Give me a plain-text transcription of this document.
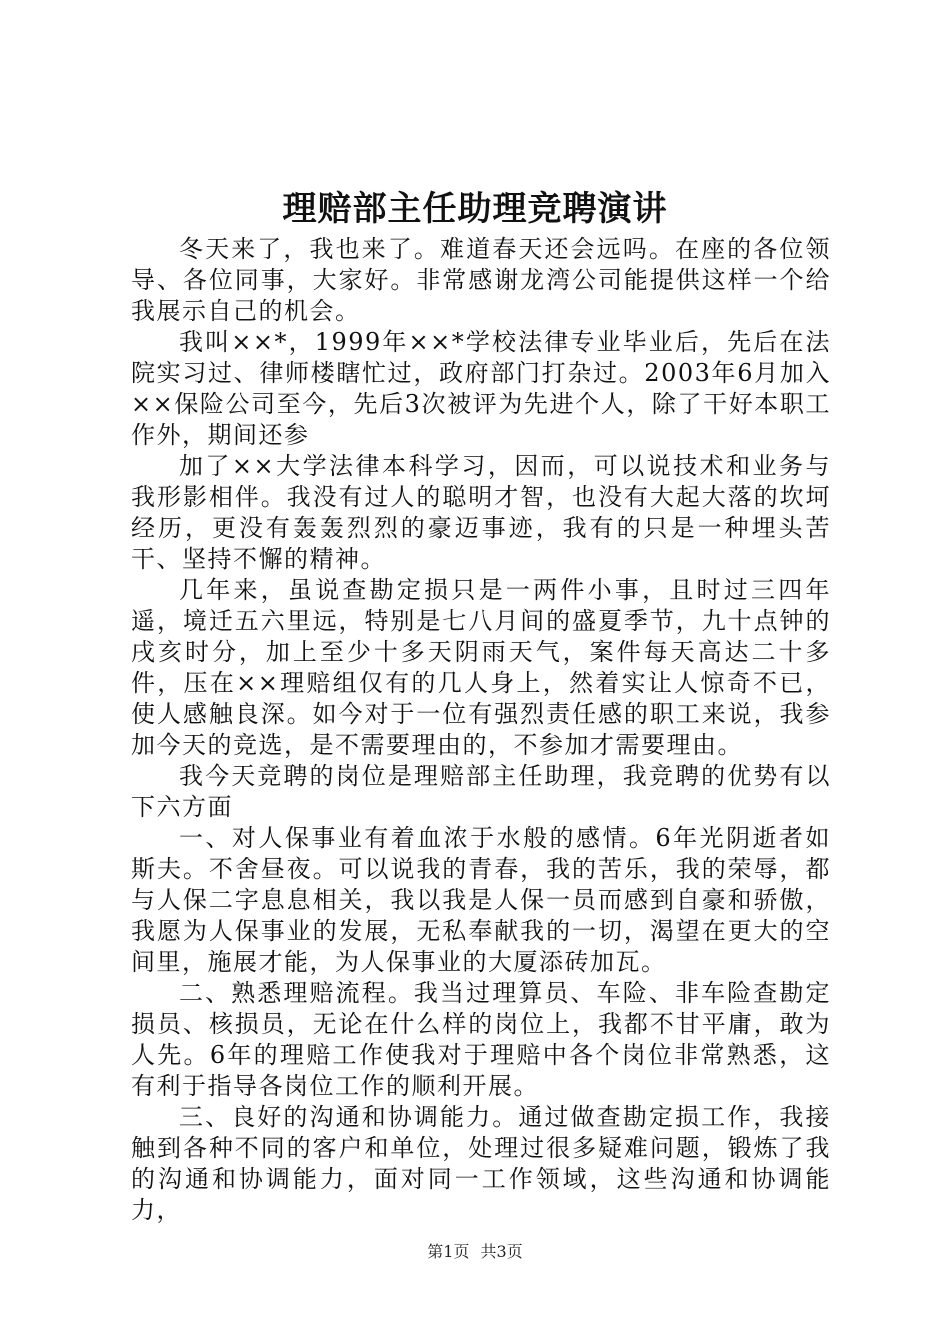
理赔部主任助理竞聘演讲

冬天来了，我也来了。难道春天还会远吗。在座的各位领导、各位同事，大家好。非常感谢龙湾公司能提供这样一个给我展示自己的机会。

我叫××*，1999年××*学校法律专业毕业后，先后在法院实习过、律师楼瞎忙过，政府部门打杂过。2003年6月加入××保险公司至今，先后3次被评为先进个人，除了干好本职工作外，期间还参

加了××大学法律本科学习，因而，可以说技术和业务与我形影相伴。我没有过人的聪明才智，也没有大起大落的坎坷经历，更没有轰轰烈烈的豪迈事迹，我有的只是一种埋头苦干、坚持不懈的精神。

几年来，虽说查勘定损只是一两件小事，且时过三四年遥，境迁五六里远，特别是七八月间的盛夏季节，九十点钟的戌亥时分，加上至少十多天阴雨天气，案件每天高达二十多件，压在××理赔组仅有的几人身上，然着实让人惊奇不已，使人感触良深。如今对于一位有强烈责任感的职工来说，我参加今天的竞选，是不需要理由的，不参加才需要理由。

我今天竞聘的岗位是理赔部主任助理，我竞聘的优势有以下六方面

一、对人保事业有着血浓于水般的感情。6年光阴逝者如斯夫。不舍昼夜。可以说我的青春，我的苦乐，我的荣辱，都与人保二字息息相关，我以我是人保一员而感到自豪和骄傲，我愿为人保事业的发展，无私奉献我的一切，渴望在更大的空间里，施展才能，为人保事业的大厦添砖加瓦。

二、熟悉理赔流程。我当过理算员、车险、非车险查勘定损员、核损员，无论在什么样的岗位上，我都不甘平庸，敢为人先。6年的理赔工作使我对于理赔中各个岗位非常熟悉，这有利于指导各岗位工作的顺利开展。

三、良好的沟通和协调能力。通过做查勘定损工作，我接触到各种不同的客户和单位，处理过很多疑难问题，锻炼了我的沟通和协调能力，面对同一工作领域，这些沟通和协调能力，

第1页 共3页
